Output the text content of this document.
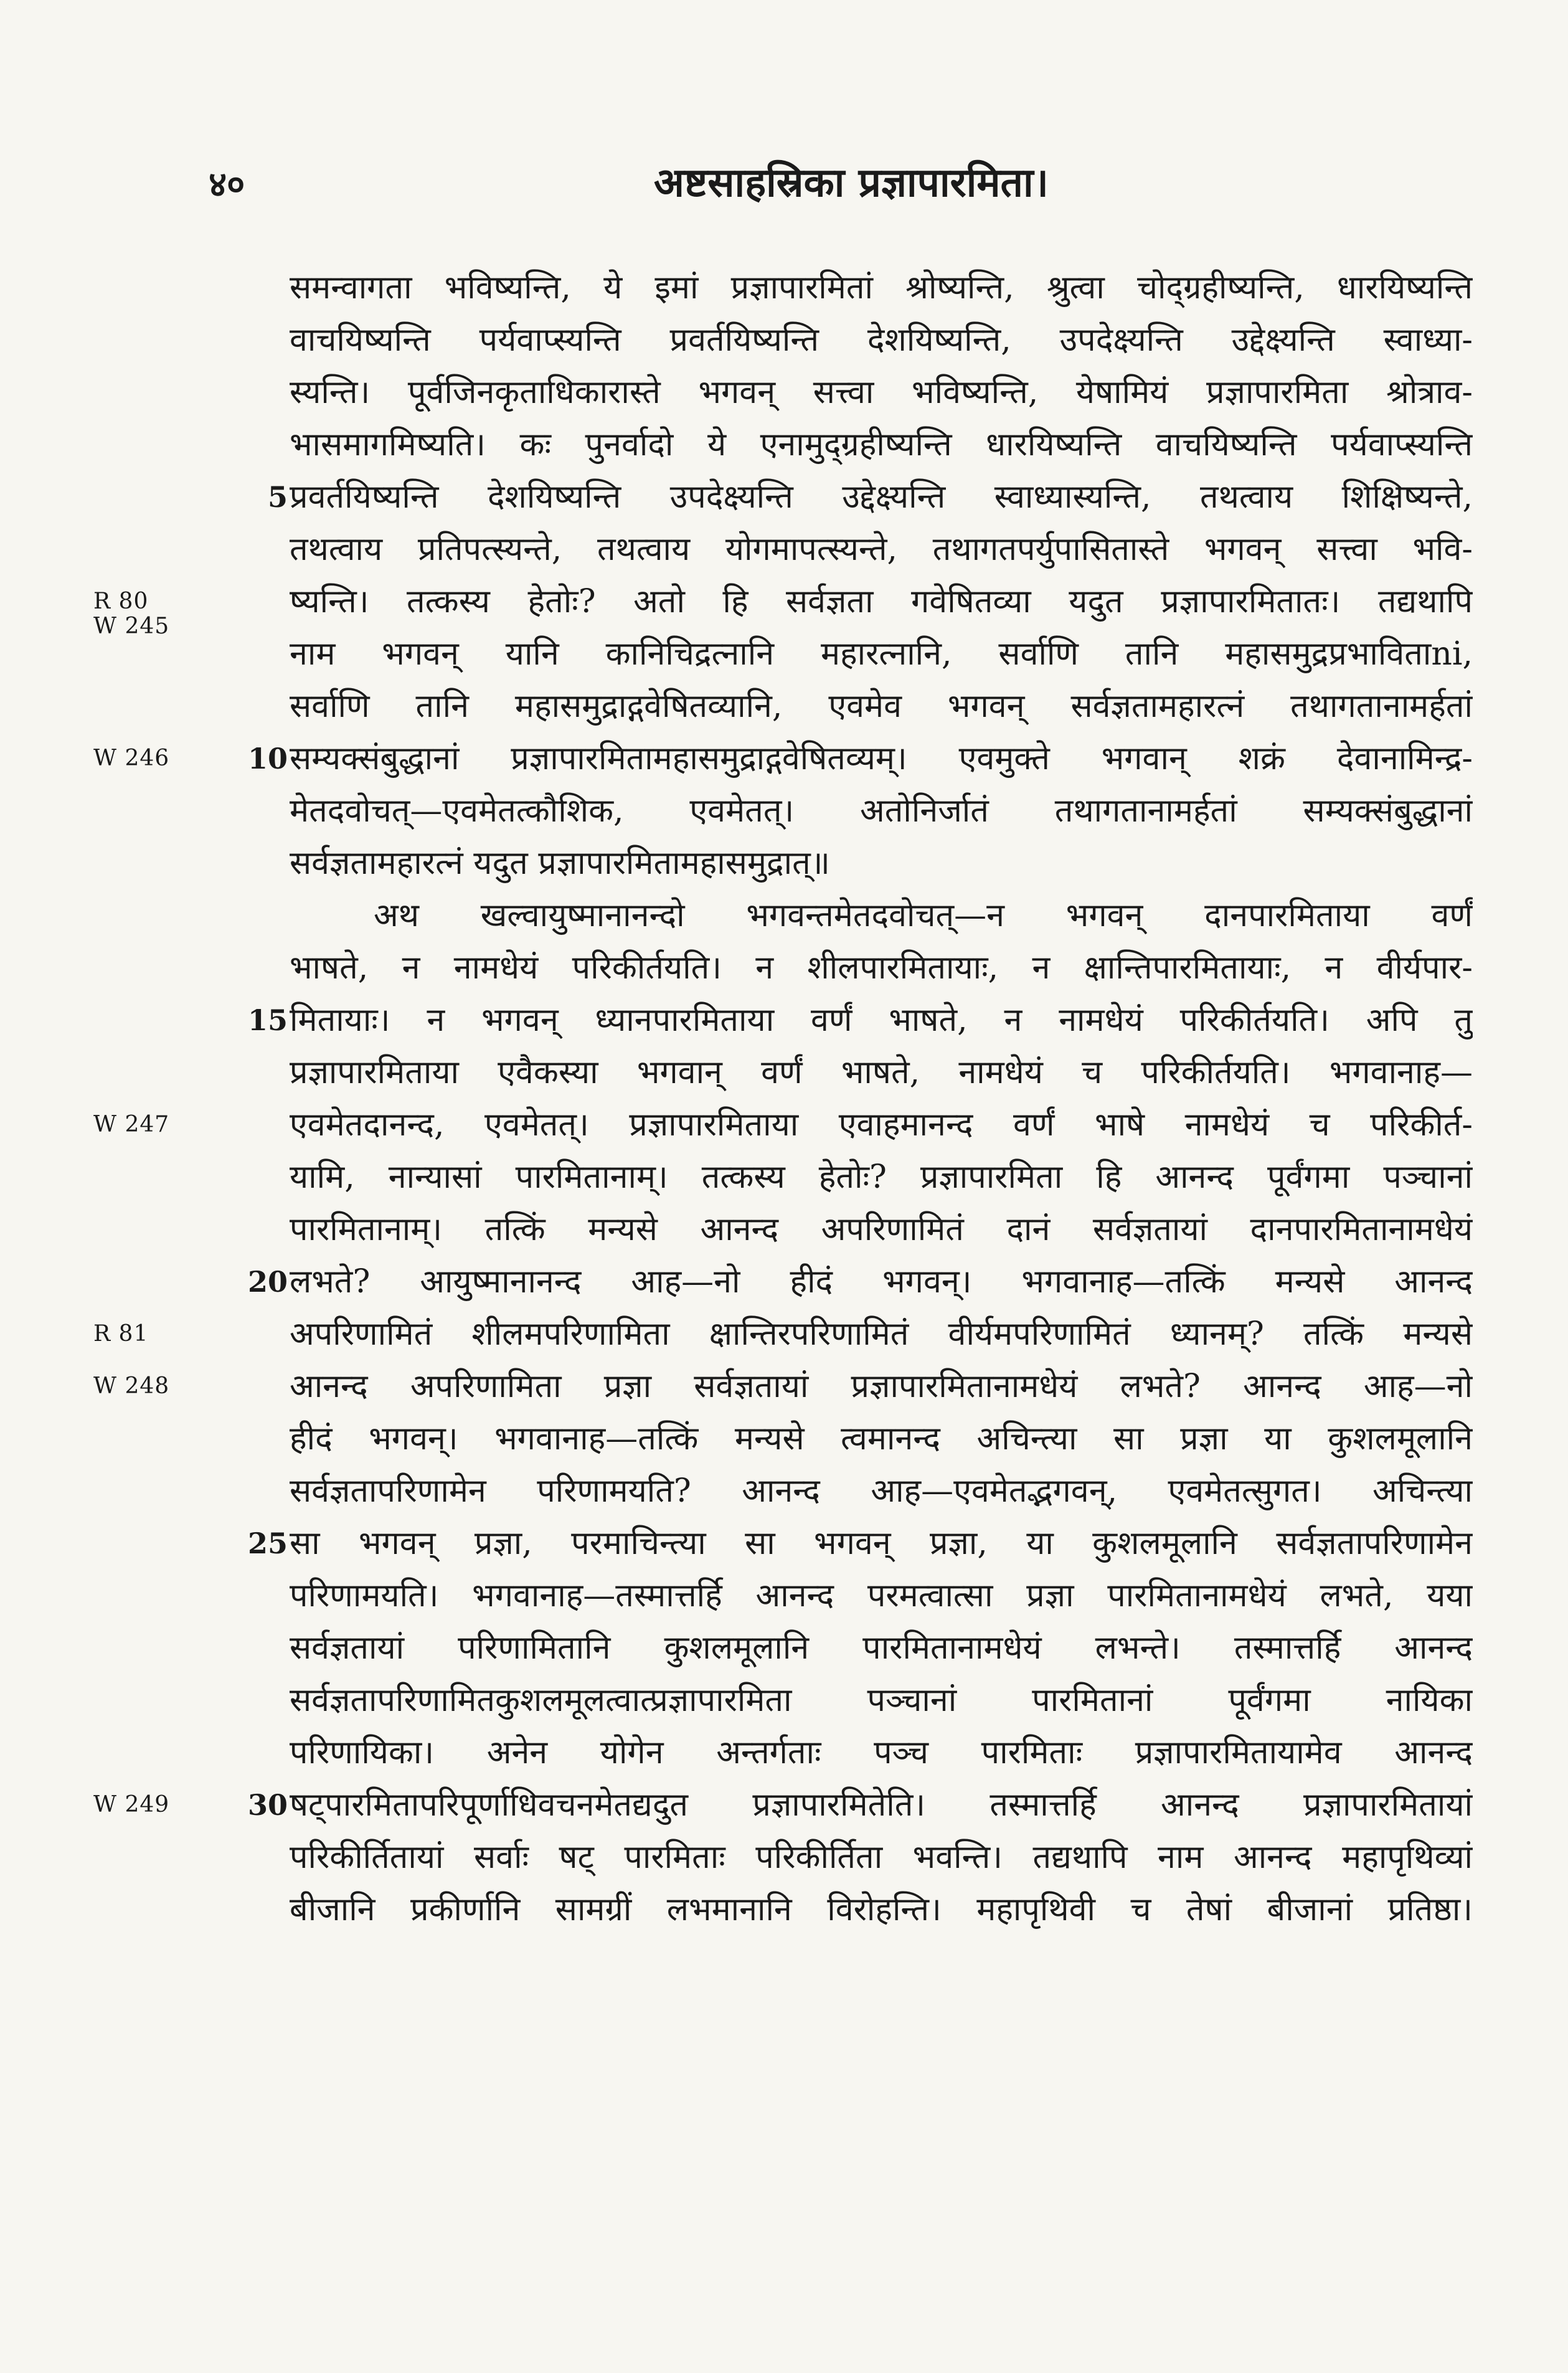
४०	अष्टसाहस्रिका प्रज्ञापारमिता।
समन्वागता भविष्यन्ति, ये इमां प्रज्ञापारमितां श्रोष्यन्ति, श्रुत्वा चोद्ग्रहीष्यन्ति, धारयिष्यन्ति
वाचयिष्यन्ति पर्यवाप्स्यन्ति प्रवर्तयिष्यन्ति देशयिष्यन्ति, उपदेक्ष्यन्ति उद्देक्ष्यन्ति स्वाध्या-
स्यन्ति। पूर्वजिनकृताधिकारास्ते भगवन् सत्त्वा भविष्यन्ति, येषामियं प्रज्ञापारमिता श्रोत्राव-
भासमागमिष्यति। कः पुनर्वादो ये एनामुद्ग्रहीष्यन्ति धारयिष्यन्ति वाचयिष्यन्ति पर्यवाप्स्यन्ति
प्रवर्तयिष्यन्ति देशयिष्यन्ति उपदेक्ष्यन्ति उद्देक्ष्यन्ति स्वाध्यास्यन्ति, तथत्वाय शिक्षिष्यन्ते,
5
तथत्वाय प्रतिपत्स्यन्ते, तथत्वाय योगमापत्स्यन्ते, तथागतपर्युपासितास्ते भगवन् सत्त्वा भवि-
ष्यन्ति। तत्कस्य हेतोः? अतो हि सर्वज्ञता गवेषितव्या यदुत प्रज्ञापारमितातः। तद्यथापि
नाम भगवन् यानि कानिचिद्रत्नानि महारत्नानि, सर्वाणि तानि महासमुद्रप्रभाविताni,
सर्वाणि तानि महासमुद्राद्गवेषितव्यानि, एवमेव भगवन् सर्वज्ञतामहारत्नं तथागतानामर्हतां
सम्यक्संबुद्धानां प्रज्ञापारमितामहासमुद्राद्गवेषितव्यम्। एवमुक्ते भगवान् शक्रं देवानामिन्द्र-
10
मेतदवोचत्—एवमेतत्कौशिक, एवमेतत्। अतोनिर्जातं तथागतानामर्हतां सम्यक्संबुद्धानां
सर्वज्ञतामहारत्नं यदुत प्रज्ञापारमितामहासमुद्रात्॥
अथ खल्वायुष्मानानन्दो भगवन्तमेतदवोचत्—न भगवन् दानपारमिताया वर्णं
भाषते, न नामधेयं परिकीर्तयति। न शीलपारमितायाः, न क्षान्तिपारमितायाः, न वीर्यपार-
मितायाः। न भगवन् ध्यानपारमिताया वर्णं भाषते, न नामधेयं परिकीर्तयति। अपि तु
15
प्रज्ञापारमिताया एवैकस्या भगवान् वर्णं भाषते, नामधेयं च परिकीर्तयति। भगवानाह—
एवमेतदानन्द, एवमेतत्। प्रज्ञापारमिताया एवाहमानन्द वर्णं भाषे नामधेयं च परिकीर्त-
यामि, नान्यासां पारमितानाम्। तत्कस्य हेतोः? प्रज्ञापारमिता हि आनन्द पूर्वंगमा पञ्चानां
पारमितानाम्। तत्किं मन्यसे आनन्द अपरिणामितं दानं सर्वज्ञतायां दानपारमितानामधेयं
लभते? आयुष्मानानन्द आह—नो हीदं भगवन्। भगवानाह—तत्किं मन्यसे आनन्द
20
अपरिणामितं शीलमपरिणामिता क्षान्तिरपरिणामितं वीर्यमपरिणामितं ध्यानम्? तत्किं मन्यसे
आनन्द अपरिणामिता प्रज्ञा सर्वज्ञतायां प्रज्ञापारमितानामधेयं लभते? आनन्द आह—नो
हीदं भगवन्। भगवानाह—तत्किं मन्यसे त्वमानन्द अचिन्त्या सा प्रज्ञा या कुशलमूलानि
सर्वज्ञतापरिणामेन परिणामयति? आनन्द आह—एवमेतद्भगवन्, एवमेतत्सुगत। अचिन्त्या
सा भगवन् प्रज्ञा, परमाचिन्त्या सा भगवन् प्रज्ञा, या कुशलमूलानि सर्वज्ञतापरिणामेन
25
परिणामयति। भगवानाह—तस्मात्तर्हि आनन्द परमत्वात्सा प्रज्ञा पारमितानामधेयं लभते, यया
सर्वज्ञतायां परिणामितानि कुशलमूलानि पारमितानामधेयं लभन्ते। तस्मात्तर्हि आनन्द
सर्वज्ञतापरिणामितकुशलमूलत्वात्प्रज्ञापारमिता पञ्चानां पारमितानां पूर्वंगमा नायिका
परिणायिका। अनेन योगेन अन्तर्गताः पञ्च पारमिताः प्रज्ञापारमितायामेव आनन्द
षट्पारमितापरिपूर्णाधिवचनमेतद्यदुत प्रज्ञापारमितेति। तस्मात्तर्हि आनन्द प्रज्ञापारमितायां
30
परिकीर्तितायां सर्वाः षट् पारमिताः परिकीर्तिता भवन्ति। तद्यथापि नाम आनन्द महापृथिव्यां
बीजानि प्रकीर्णानि सामग्रीं लभमानानि विरोहन्ति। महापृथिवी च तेषां बीजानां प्रतिष्ठा।
R 80
W 245
W 246
W 247
R 81
W 248
W 249
